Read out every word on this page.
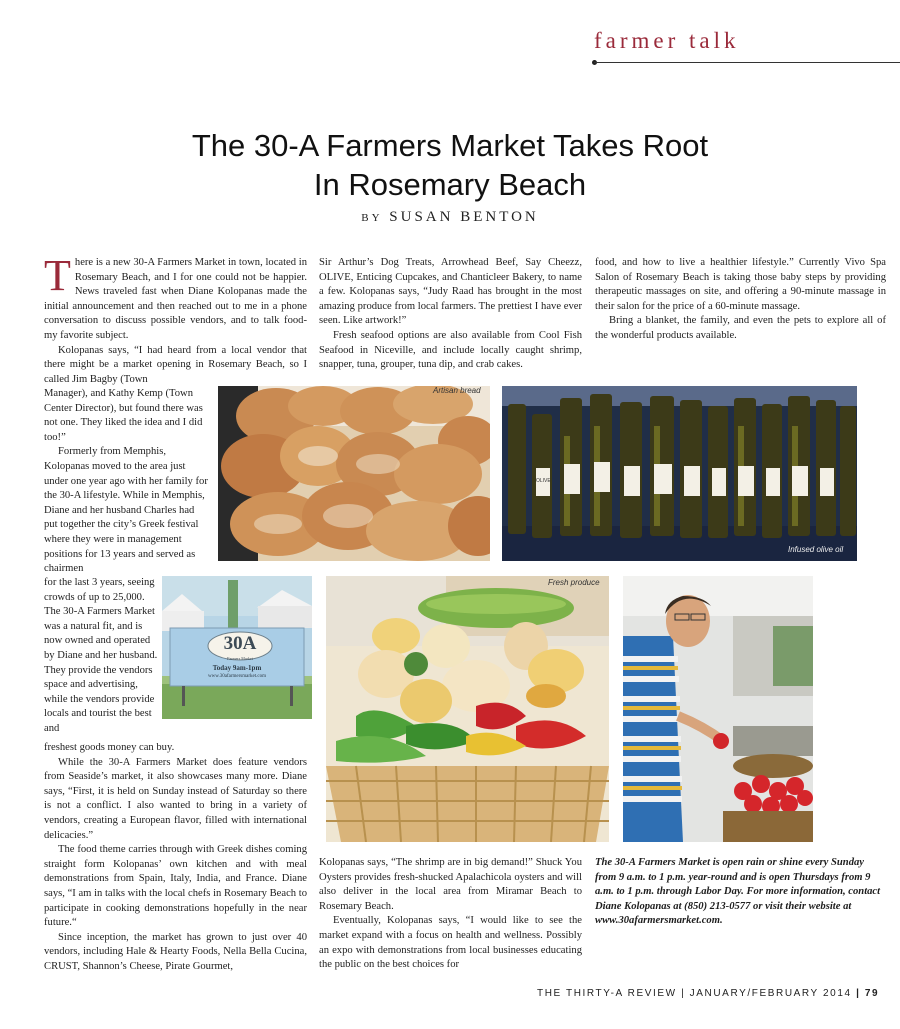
farmer talk
The 30-A Farmers Market Takes Root
In Rosemary Beach
BY SUSAN BENTON

There is a new 30-A Farmers Market in town, located in Rosemary Beach, and I for one could not be happier. News traveled fast when Diane Kolopanas made the initial announcement and then reached out to me in a phone conversation to discuss possible vendors, and to talk food- my favorite subject.

Kolopanas says, “I had heard from a local vendor that there might be a market opening in Rosemary Beach, so I called Jim Bagby (Town

Manager), and Kathy Kemp (Town Center Director), but found there was not one. They liked the idea and I did too!”

Formerly from Memphis, Kolopanas moved to the area just under one year ago with her family for the 30-A lifestyle. While in Memphis, Diane and her husband Charles had put together the city’s Greek festival where they were in management positions for 13 years and served as chairmen

for the last 3 years, seeing crowds of up to 25,000. The 30-A Farmers Market was a natural fit, and is now owned and operated by Diane and her husband. They provide the vendors space and advertising, while the vendors provide locals and tourist the best and

freshest goods money can buy.

While the 30-A Farmers Market does feature vendors from Seaside’s market, it also showcases many more. Diane says, “First, it is held on Sunday instead of Saturday so there is not a conflict. I also wanted to bring in a variety of vendors, creating a European flavor, filled with international delicacies.”

The food theme carries through with Greek dishes coming straight form Kolopanas’ own kitchen and with meal demonstrations from Spain, Italy, India, and France. Diane says, “I am in talks with the local chefs in Rosemary Beach to participate in cooking demonstrations hopefully in the near future.“

Since inception, the market has grown to just over 40 vendors, including Hale & Hearty Foods, Nella Bella Cucina, CRUST, Shannon’s Cheese, Pirate Gourmet,

Sir Arthur’s Dog Treats, Arrowhead Beef, Say Cheezz, OLIVE, Enticing Cupcakes, and Chanticleer Bakery, to name a few. Kolopanas says, “Judy Raad has brought in the most amazing produce from local farmers. The prettiest I have ever seen. Like artwork!”

Fresh seafood options are also available from Cool Fish Seafood in Niceville, and include locally caught shrimp, snapper, tuna, grouper, tuna dip, and crab cakes.

food, and how to live a healthier lifestyle.” Currently Vivo Spa Salon of Rosemary Beach is taking those baby steps by providing therapeutic massages on site, and offering a 90-minute massage in their salon for the price of a 60-minute massage.

Bring a blanket, the family, and even the pets to explore all of the wonderful products available.

Kolopanas says, “The shrimp are in big demand!” Shuck You Oysters provides fresh-shucked Apalachicola oysters and will also deliver in the local area from Miramar Beach to Rosemary Beach.

Eventually, Kolopanas says, “I would like to see the market expand with a focus on health and wellness. Possibly an expo with demonstrations from local businesses educating the public on the best choices for

The 30-A Farmers Market is open rain or shine every Sunday from 9 a.m. to 1 p.m. year-round and is open Thursdays from 9 a.m. to 1 p.m. through Labor Day. For more information, contact Diane Kolopanas at (850) 213-0577 or visit their website at www.30afarmersmarket.com.
Artisan bread
OLIVE
Infused olive oil
30A
Farmers Market
Today 9am-1pm
www.30afarmersmarket.com
Fresh produce
THE THIRTY-A REVIEW | JANUARY/FEBRUARY 2014 | 79
